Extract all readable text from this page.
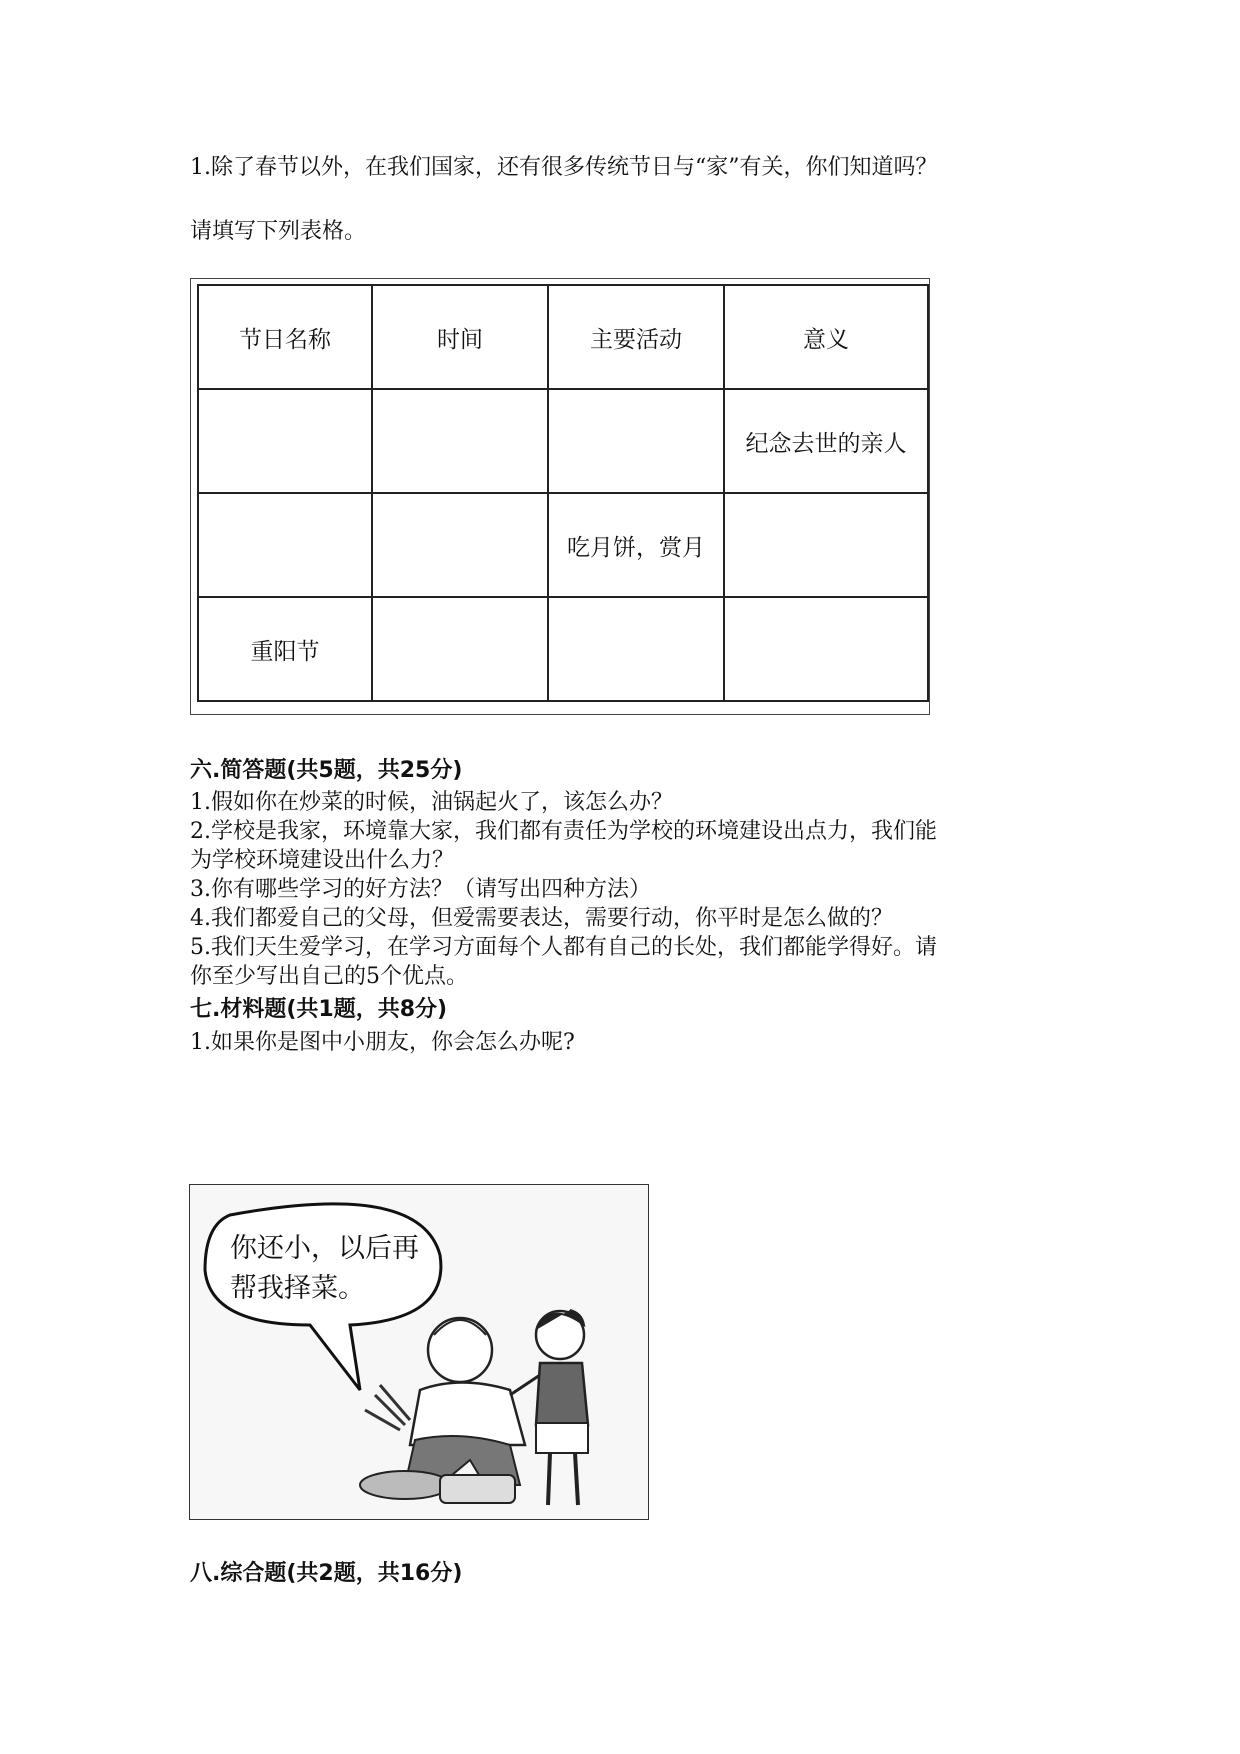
1.除了春节以外，在我们国家，还有很多传统节日与“家”有关，你们知道吗？
请填写下列表格。
节日名称	时间	主要活动	意义
			纪念去世的亲人
		吃月饼，赏月	
重阳节			
六.简答题(共5题，共25分)
1.假如你在炒菜的时候，油锅起火了，该怎么办？
2.学校是我家，环境靠大家，我们都有责任为学校的环境建设出点力，我们能
为学校环境建设出什么力？
3.你有哪些学习的好方法？（请写出四种方法）
4.我们都爱自己的父母，但爱需要表达，需要行动，你平时是怎么做的？
5.我们天生爱学习，在学习方面每个人都有自己的长处，我们都能学得好。请
你至少写出自己的5个优点。
七.材料题(共1题，共8分)
1.如果你是图中小朋友，你会怎么办呢?
你还小，以后再
帮我择菜。
八.综合题(共2题，共16分)
